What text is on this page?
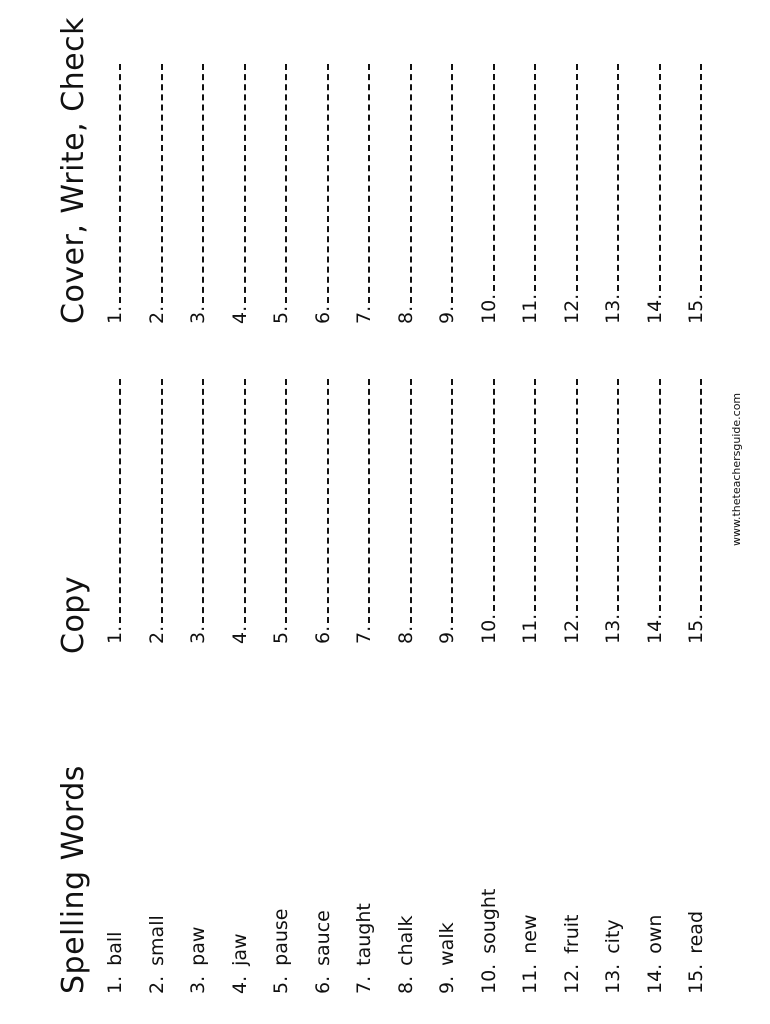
Spelling Words
Copy
Cover, Write, Check
1.
ball
2.
small
3.
paw
4.
jaw
5.
pause
6.
sauce
7.
taught
8.
chalk
9.
walk
10.
sought
11.
new
12.
fruit
13.
city
14.
own
15.
read
1. 2. 3. 4. 5. 6. 7. 8. 9. 10. 11. 12. 13. 14. 15.
1. 2. 3. 4. 5. 6. 7. 8. 9. 10. 11. 12. 13. 14. 15.
www.theteachersguide.com
